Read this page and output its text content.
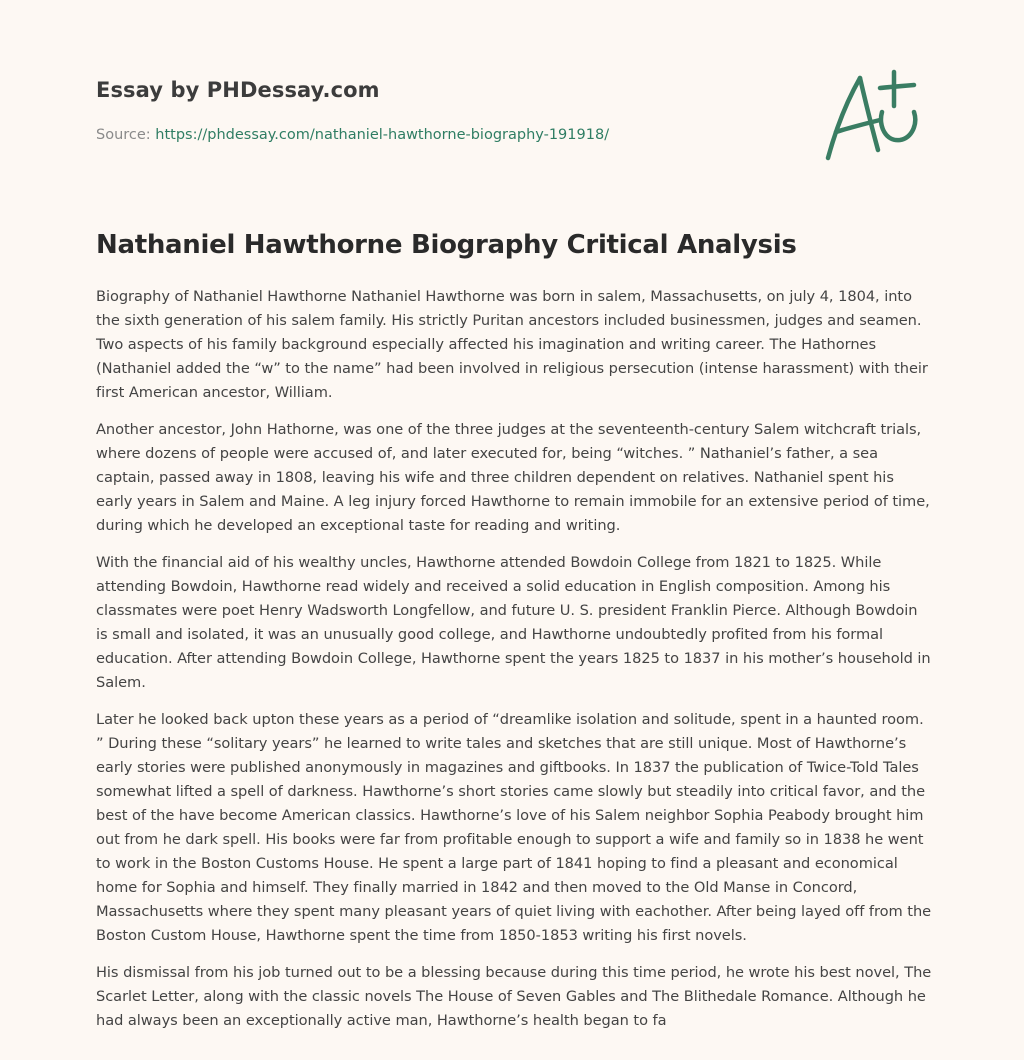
Essay by PHDessay.com

Source: https://phdessay.com/nathaniel-hawthorne-biography-191918/
Nathaniel Hawthorne Biography Critical Analysis

Biography of Nathaniel Hawthorne Nathaniel Hawthorne was born in salem, Massachusetts, on july 4, 1804, into the sixth generation of his salem family. His strictly Puritan ancestors included businessmen, judges and seamen. Two aspects of his family background especially affected his imagination and writing career. The Hathornes (Nathaniel added the “w” to the name” had been involved in religious persecution (intense harassment) with their first American ancestor, William.

Another ancestor, John Hathorne, was one of the three judges at the seventeenth-century Salem witchcraft trials, where dozens of people were accused of, and later executed for, being “witches. ” Nathaniel’s father, a sea captain, passed away in 1808, leaving his wife and three children dependent on relatives. Nathaniel spent his early years in Salem and Maine. A leg injury forced Hawthorne to remain immobile for an extensive period of time, during which he developed an exceptional taste for reading and writing.

With the financial aid of his wealthy uncles, Hawthorne attended Bowdoin College from 1821 to 1825. While attending Bowdoin, Hawthorne read widely and received a solid education in English composition. Among his classmates were poet Henry Wadsworth Longfellow, and future U. S. president Franklin Pierce. Although Bowdoin is small and isolated, it was an unusually good college, and Hawthorne undoubtedly profited from his formal education. After attending Bowdoin College, Hawthorne spent the years 1825 to 1837 in his mother’s household in Salem.

Later he looked back upton these years as a period of “dreamlike isolation and solitude, spent in a haunted room. ” During these “solitary years” he learned to write tales and sketches that are still unique. Most of Hawthorne’s early stories were published anonymously in magazines and giftbooks. In 1837 the publication of Twice-Told Tales somewhat lifted a spell of darkness. Hawthorne’s short stories came slowly but steadily into critical favor, and the best of the have become American classics. Hawthorne’s love of his Salem neighbor Sophia Peabody brought him out from he dark spell. His books were far from profitable enough to support a wife and family so in 1838 he went to work in the Boston Customs House. He spent a large part of 1841 hoping to find a pleasant and economical home for Sophia and himself. They finally married in 1842 and then moved to the Old Manse in Concord, Massachusetts where they spent many pleasant years of quiet living with eachother. After being layed off from the Boston Custom House, Hawthorne spent the time from 1850-1853 writing his first novels.

His dismissal from his job turned out to be a blessing because during this time period, he wrote his best novel, The Scarlet Letter, along with the classic novels The House of Seven Gables and The Blithedale Romance. Although he had always been an exceptionally active man, Hawthorne’s health began to fa
